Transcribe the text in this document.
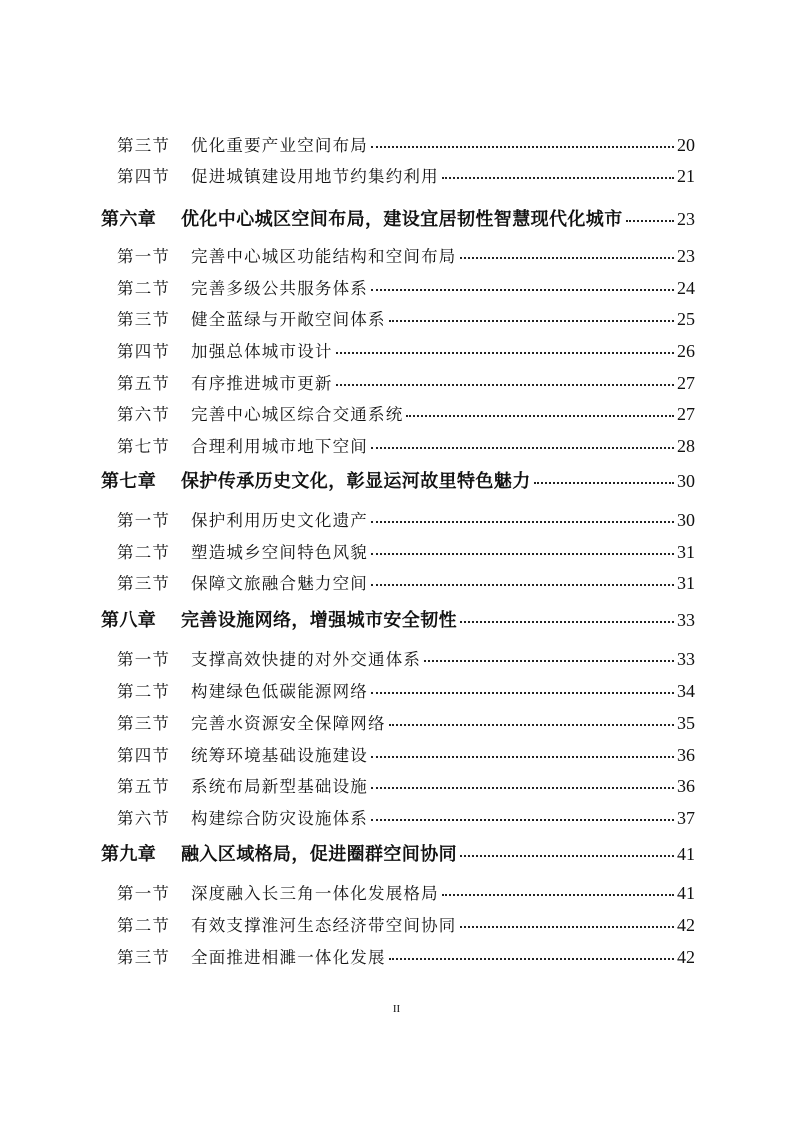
第三节 优化重要产业空间布局	20
第四节 促进城镇建设用地节约集约利用	21
第六章 优化中心城区空间布局，建设宜居韧性智慧现代化城市	23
第一节 完善中心城区功能结构和空间布局	23
第二节 完善多级公共服务体系	24
第三节 健全蓝绿与开敞空间体系	25
第四节 加强总体城市设计	26
第五节 有序推进城市更新	27
第六节 完善中心城区综合交通系统	27
第七节 合理利用城市地下空间	28
第七章 保护传承历史文化，彰显运河故里特色魅力	30
第一节 保护利用历史文化遗产	30
第二节 塑造城乡空间特色风貌	31
第三节 保障文旅融合魅力空间	31
第八章 完善设施网络，增强城市安全韧性	33
第一节 支撑高效快捷的对外交通体系	33
第二节 构建绿色低碳能源网络	34
第三节 完善水资源安全保障网络	35
第四节 统筹环境基础设施建设	36
第五节 系统布局新型基础设施	36
第六节 构建综合防灾设施体系	37
第九章 融入区域格局，促进圈群空间协同	41
第一节 深度融入长三角一体化发展格局	41
第二节 有效支撑淮河生态经济带空间协同	42
第三节 全面推进相濉一体化发展	42
II
